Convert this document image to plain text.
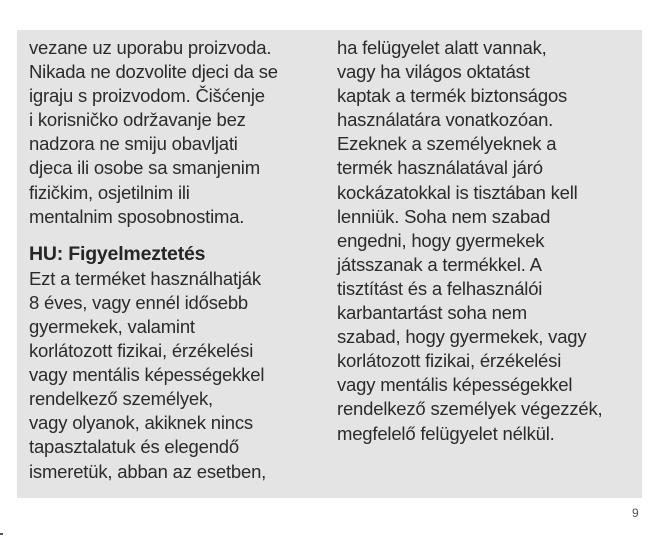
vezane uz uporabu proizvoda.
Nikada ne dozvolite djeci da se
igraju s proizvodom. Čišćenje
i korisničko održavanje bez
nadzora ne smiju obavljati
djeca ili osobe sa smanjenim
fizičkim, osjetilnim ili
mentalnim sposobnostima.

HU: Figyelmeztetés

Ezt a terméket használhatják
8 éves, vagy ennél idősebb
gyermekek, valamint
korlátozott fizikai, érzékelési
vagy mentális képességekkel
rendelkező személyek,
vagy olyanok, akiknek nincs
tapasztalatuk és elegendő
ismeretük, abban az esetben,

ha felügyelet alatt vannak,
vagy ha világos oktatást
kaptak a termék biztonságos
használatára vonatkozóan.
Ezeknek a személyeknek a
termék használatával járó
kockázatokkal is tisztában kell
lenniük. Soha nem szabad
engedni, hogy gyermekek
játsszanak a termékkel. A
tisztítást és a felhasználói
karbantartást soha nem
szabad, hogy gyermekek, vagy
korlátozott fizikai, érzékelési
vagy mentális képességekkel
rendelkező személyek végezzék,
megfelelő felügyelet nélkül.

9
